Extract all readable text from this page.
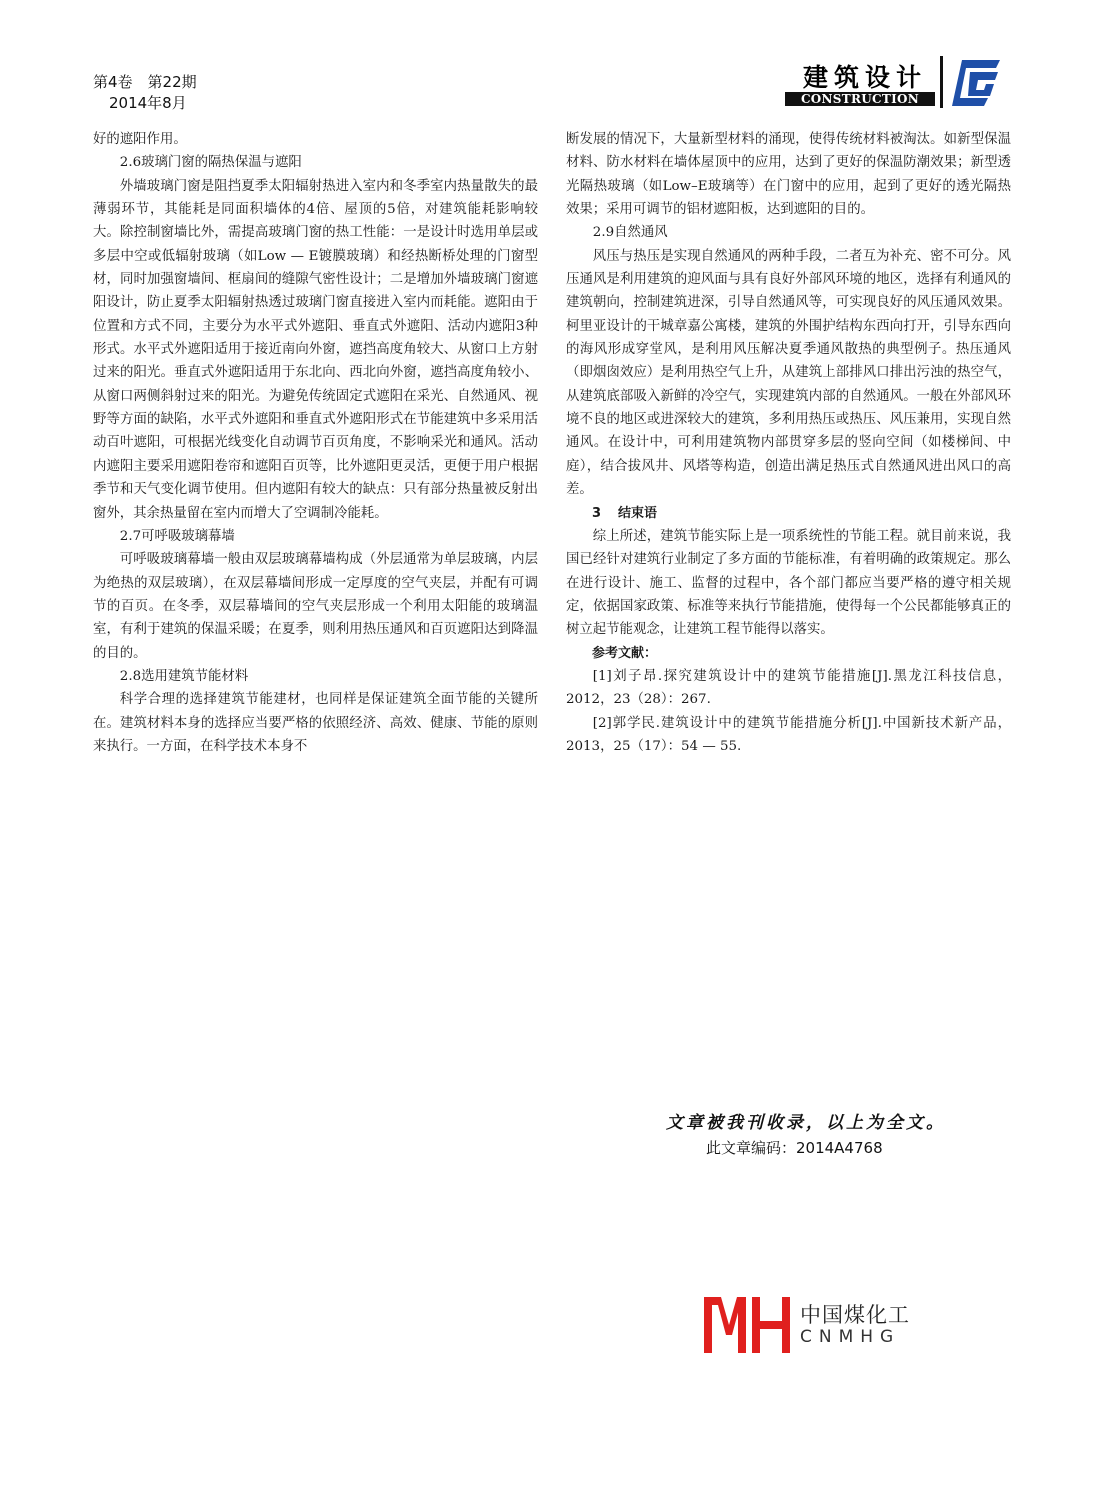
第4卷　第22期
2014年8月
建筑设计
CONSTRUCTION

好的遮阳作用。

2.6玻璃门窗的隔热保温与遮阳

外墙玻璃门窗是阻挡夏季太阳辐射热进入室内和冬季室内热量散失的最薄弱环节，其能耗是同面积墙体的4倍、屋顶的5倍，对建筑能耗影响较大。除控制窗墙比外，需提高玻璃门窗的热工性能：一是设计时选用单层或多层中空或低辐射玻璃（如Low — E镀膜玻璃）和经热断桥处理的门窗型材，同时加强窗墙间、框扇间的缝隙气密性设计；二是增加外墙玻璃门窗遮阳设计，防止夏季太阳辐射热透过玻璃门窗直接进入室内而耗能。遮阳由于位置和方式不同，主要分为水平式外遮阳、垂直式外遮阳、活动内遮阳3种形式。水平式外遮阳适用于接近南向外窗，遮挡高度角较大、从窗口上方射过来的阳光。垂直式外遮阳适用于东北向、西北向外窗，遮挡高度角较小、从窗口两侧斜射过来的阳光。为避免传统固定式遮阳在采光、自然通风、视野等方面的缺陷，水平式外遮阳和垂直式外遮阳形式在节能建筑中多采用活动百叶遮阳，可根据光线变化自动调节百页角度，不影响采光和通风。活动内遮阳主要采用遮阳卷帘和遮阳百页等，比外遮阳更灵活，更便于用户根据季节和天气变化调节使用。但内遮阳有较大的缺点：只有部分热量被反射出窗外，其余热量留在室内而增大了空调制冷能耗。

2.7可呼吸玻璃幕墙

可呼吸玻璃幕墙一般由双层玻璃幕墙构成（外层通常为单层玻璃，内层为绝热的双层玻璃），在双层幕墙间形成一定厚度的空气夹层，并配有可调节的百页。在冬季，双层幕墙间的空气夹层形成一个利用太阳能的玻璃温室，有利于建筑的保温采暖；在夏季，则利用热压通风和百页遮阳达到降温的目的。

2.8选用建筑节能材料

科学合理的选择建筑节能建材，也同样是保证建筑全面节能的关键所在。建筑材料本身的选择应当要严格的依照经济、高效、健康、节能的原则来执行。一方面，在科学技术本身不

断发展的情况下，大量新型材料的涌现，使得传统材料被淘汰。如新型保温材料、防水材料在墙体屋顶中的应用，达到了更好的保温防潮效果；新型透光隔热玻璃（如Low–E玻璃等）在门窗中的应用，起到了更好的透光隔热效果；采用可调节的铝材遮阳板，达到遮阳的目的。

2.9自然通风

风压与热压是实现自然通风的两种手段，二者互为补充、密不可分。风压通风是利用建筑的迎风面与具有良好外部风环境的地区，选择有利通风的建筑朝向，控制建筑进深，引导自然通风等，可实现良好的风压通风效果。柯里亚设计的干城章嘉公寓楼，建筑的外围护结构东西向打开，引导东西向的海风形成穿堂风，是利用风压解决夏季通风散热的典型例子。热压通风（即烟囱效应）是利用热空气上升，从建筑上部排风口排出污浊的热空气，从建筑底部吸入新鲜的冷空气，实现建筑内部的自然通风。一般在外部风环境不良的地区或进深较大的建筑，多利用热压或热压、风压兼用，实现自然通风。在设计中，可利用建筑物内部贯穿多层的竖向空间（如楼梯间、中庭），结合拔风井、风塔等构造，创造出满足热压式自然通风进出风口的高差。

3 结束语

综上所述，建筑节能实际上是一项系统性的节能工程。就目前来说，我国已经针对建筑行业制定了多方面的节能标准，有着明确的政策规定。那么在进行设计、施工、监督的过程中，各个部门都应当要严格的遵守相关规定，依据国家政策、标准等来执行节能措施，使得每一个公民都能够真正的树立起节能观念，让建筑工程节能得以落实。

参考文献：

[1]刘子昂.探究建筑设计中的建筑节能措施[J].黑龙江科技信息，2012，23（28）：267.

[2]郭学民.建筑设计中的建筑节能措施分析[J].中国新技术新产品，2013，25（17）：54 — 55.

文章被我刊收录，以上为全文。
此文章编码：2014A4768
中国煤化工
CNMHG
